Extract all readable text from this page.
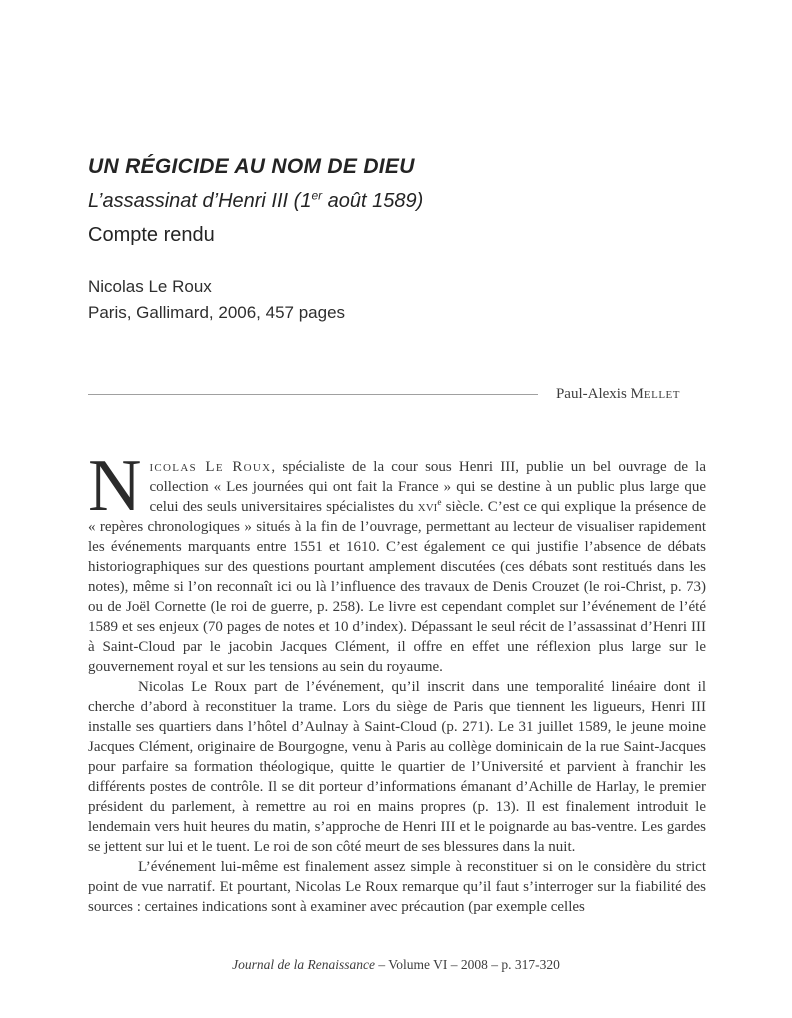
UN RÉGICIDE AU NOM DE DIEU
L’assassinat d’Henri III (1er août 1589)
Compte rendu

Nicolas Le Roux

Paris, Gallimard, 2006, 457 pages

Paul-Alexis Mellet

Nicolas Le Roux, spécialiste de la cour sous Henri III, publie un bel ouvrage de la collection « Les journées qui ont fait la France » qui se destine à un public plus large que celui des seuls universitaires spécialistes du xvi$^e$ siècle. C’est ce qui explique la présence de « repères chronologiques » situés à la fin de l’ouvrage, permettant au lecteur de visualiser rapidement les événements marquants entre 1551 et 1610. C’est également ce qui justifie l’absence de débats historiographiques sur des questions pourtant amplement discutées (ces débats sont restitués dans les notes), même si l’on reconnaît ici ou là l’influence des travaux de Denis Crouzet (le roi-Christ, p. 73) ou de Joël Cornette (le roi de guerre, p. 258). Le livre est cependant complet sur l’événement de l’été 1589 et ses enjeux (70 pages de notes et 10 d’index). Dépassant le seul récit de l’assassinat d’Henri III à Saint-Cloud par le jacobin Jacques Clément, il offre en effet une réflexion plus large sur le gouvernement royal et sur les tensions au sein du royaume.

Nicolas Le Roux part de l’événement, qu’il inscrit dans une temporalité linéaire dont il cherche d’abord à reconstituer la trame. Lors du siège de Paris que tiennent les ligueurs, Henri III installe ses quartiers dans l’hôtel d’Aulnay à Saint-Cloud (p. 271). Le 31 juillet 1589, le jeune moine Jacques Clément, originaire de Bourgogne, venu à Paris au collège dominicain de la rue Saint-Jacques pour parfaire sa formation théologique, quitte le quartier de l’Université et parvient à franchir les différents postes de contrôle. Il se dit porteur d’informations émanant d’Achille de Harlay, le premier président du parlement, à remettre au roi en mains propres (p. 13). Il est finalement introduit le lendemain vers huit heures du matin, s’approche de Henri III et le poignarde au bas-ventre. Les gardes se jettent sur lui et le tuent. Le roi de son côté meurt de ses blessures dans la nuit.

L’événement lui-même est finalement assez simple à reconstituer si on le considère du strict point de vue narratif. Et pourtant, Nicolas Le Roux remarque qu’il faut s’interroger sur la fiabilité des sources : certaines indications sont à examiner avec précaution (par exemple celles

Journal de la Renaissance – Volume VI – 2008 – p. 317-320
